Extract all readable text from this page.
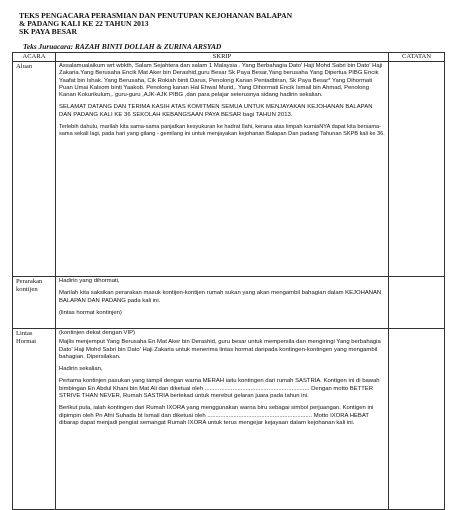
TEKS PENGACARA PERASMIAN DAN PENUTUPAN KEJOHANAN BALAPAN
& PADANG KALI KE 22 TAHUN 2013
SK PAYA BESAR
Teks Juruacara: RAZAH BINTI DOLLAH & ZURINA ARSYAD
ACARA	SKRIP	CATATAN
Aluan	Assalamualaikum wrt wbkth, Salam Sejahtera dan salam 1 Malaysia . Yang Berbahagia Dato' Haji Mohd Sabri bin Dato' Haji Zakaria.Yang Berusaha Encik Mat Aker bin Derashid,guru Besar Sk Paya Besar,Yang berusaha Yang Dipertua PIBG Encik Yaafat bin Ishak. Yang Berusaha, Cik Rokiah binti Darus, Penolong Kanan Pentadbiran, Sk Paya Besar* Yang Dihormati Puan Umai Kalsom binti Yaakob. Penolong kanan Hal Ehwal Murid,. Yang Dihormati Encik Ismail bin Ahmad, Penolong Kanan Kokurikulum,. guru-guru ,AJK-AJK PIBG ,dan para pelajar seterusnya sidang hadirin sekalian.

SELAMAT DATANG DAN TERIMA KASIH ATAS KOMITMEN SEMUA UNTUK MENJAYAKAN KEJOHANAN BALAPAN DAN PADANG KALI KE 36 SEKOLAH KEBANGSAAN PAYA BESAR bagi TAHUN 2013.

Terlebih dahulu, marilah kita sama-sama panjatkan kesyukuran ke hadrat Ilahi, kerana atas limpah kurniaNYA dapat kita bersama-sama sekali lagi, pada hari yang gilang - gemilang ini untuk menjayakan kejohanan Balapan Dan padang Tahunan SKPB kali ke 36.	

Perarakan kontijen	Hadirin yang dihormati,

Marilah kita saksikan perarakan masuk kontijen-kontijen rumah sukan yang akan mengambil bahagian dalam KEJOHANAN BALAPAN DAN PADANG pada kali ini.

(lintas hormat kontinjen)	

Lintas Hormat	(kontinjen dekat dengan VIP)

Majlis menjemput Yang Berusaha En Mat Aker bin Derashid, guru besar untuk mempersila dan mengiringi Yang berbahagia Dato' Haji Mohd Sabri bin Dato' Haji Zakaria untuk menerima lintas hormat daripada kontingen-kontingen yang mengambil bahagian. Dipersilakan.

Hadirin sekalian,

Pertama kontinjen pasukan yang tampil dengan warna MERAH iaitu kontingen dari rumah SASTRIA. Kontigen ini di bawah bimbingan En Abdul Khani bin Mat Ali dan diketuai oleh ................................................................ Dengan motto BETTER STRIVE THAN NEVER, Rumah SASTRIA bertekad untuk merebut gelaran juara pada tahun ini.

Berikut pula, ialah kontingen dari Rumah IXORA yang menggunakan warna biru sebagai simbol perjuangan. Kontigen ini dipimpin oleh Pn Afni Suhada bt Ismail dan diketuai oleh ................................................................ Motto IXORA HEBAT dibarap dapat menjadi pengiat semangat Rumah IXORA untuk terus mengejar kejayaan dalam kejohanan kali ini.	
